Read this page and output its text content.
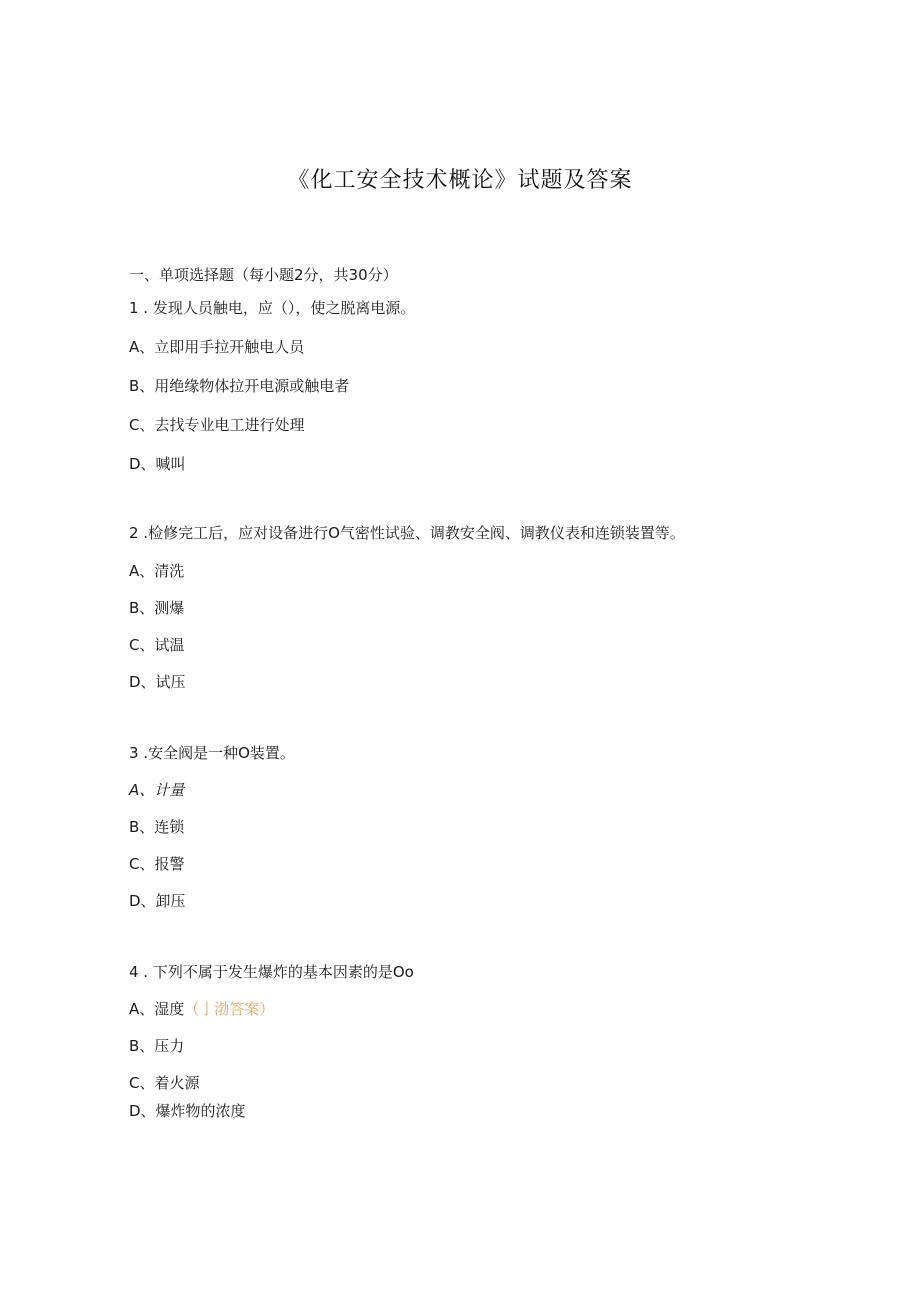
《化工安全技术概论》试题及答案
一、单项选择题（每小题2分，共30分）
1 . 发现人员触电，应（），使之脱离电源。
A、立即用手拉开触电人员
B、用绝缘物体拉开电源或触电者
C、去找专业电工进行处理
D、喊叫
2 .检修完工后，应对设备进行O气密性试验、调教安全阀、调教仪表和连锁装置等。
A、清洗
B、测爆
C、试温
D、试压
3 .安全阀是一种O装置。
A、计量
B、连锁
C、报警
D、卸压
4 . 下列不属于发生爆炸的基本因素的是Oo
A、湿度（亅渤答案）
B、压力
C、着火源
D、爆炸物的浓度
